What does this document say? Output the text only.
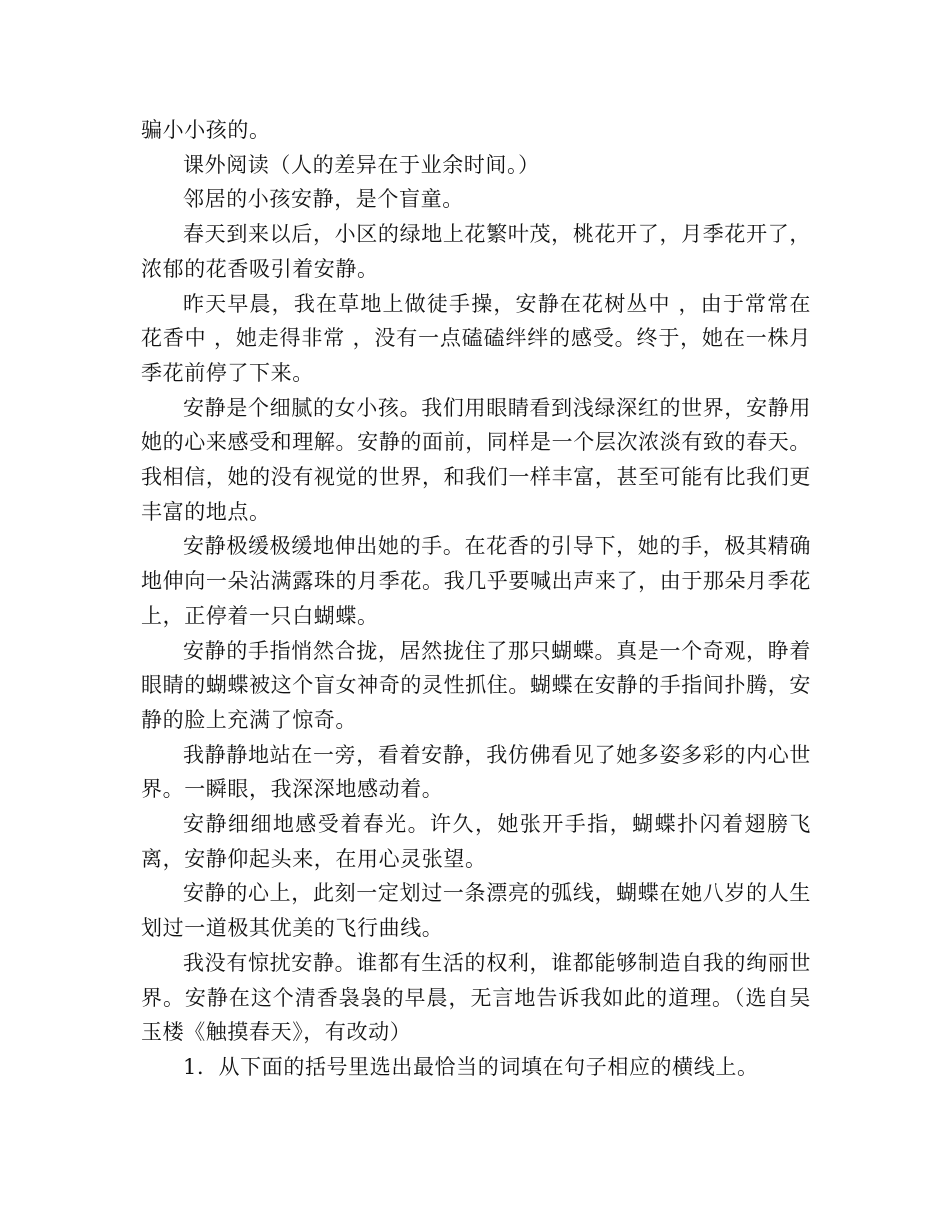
骗小小孩的。

课外阅读（人的差异在于业余时间。）

邻居的小孩安静，是个盲童。

春天到来以后，小区的绿地上花繁叶茂，桃花开了，月季花开了，浓郁的花香吸引着安静。

昨天早晨，我在草地上做徒手操，安静在花树丛中 ，由于常常在花香中 ，她走得非常 ，没有一点磕磕绊绊的感受。终于，她在一株月季花前停了下来。

安静是个细腻的女小孩。我们用眼睛看到浅绿深红的世界，安静用她的心来感受和理解。安静的面前，同样是一个层次浓淡有致的春天。我相信，她的没有视觉的世界，和我们一样丰富，甚至可能有比我们更丰富的地点。

安静极缓极缓地伸出她的手。在花香的引导下，她的手，极其精确地伸向一朵沾满露珠的月季花。我几乎要喊出声来了，由于那朵月季花上，正停着一只白蝴蝶。

安静的手指悄然合拢，居然拢住了那只蝴蝶。真是一个奇观，睁着眼睛的蝴蝶被这个盲女神奇的灵性抓住。蝴蝶在安静的手指间扑腾，安静的脸上充满了惊奇。

我静静地站在一旁，看着安静，我仿佛看见了她多姿多彩的内心世界。一瞬眼，我深深地感动着。

安静细细地感受着春光。许久，她张开手指，蝴蝶扑闪着翅膀飞离，安静仰起头来，在用心灵张望。

安静的心上，此刻一定划过一条漂亮的弧线，蝴蝶在她八岁的人生划过一道极其优美的飞行曲线。

我没有惊扰安静。谁都有生活的权利，谁都能够制造自我的绚丽世界。安静在这个清香袅袅的早晨，无言地告诉我如此的道理。（选自吴玉楼《触摸春天》，有改动）

1．从下面的括号里选出最恰当的词填在句子相应的横线上。
